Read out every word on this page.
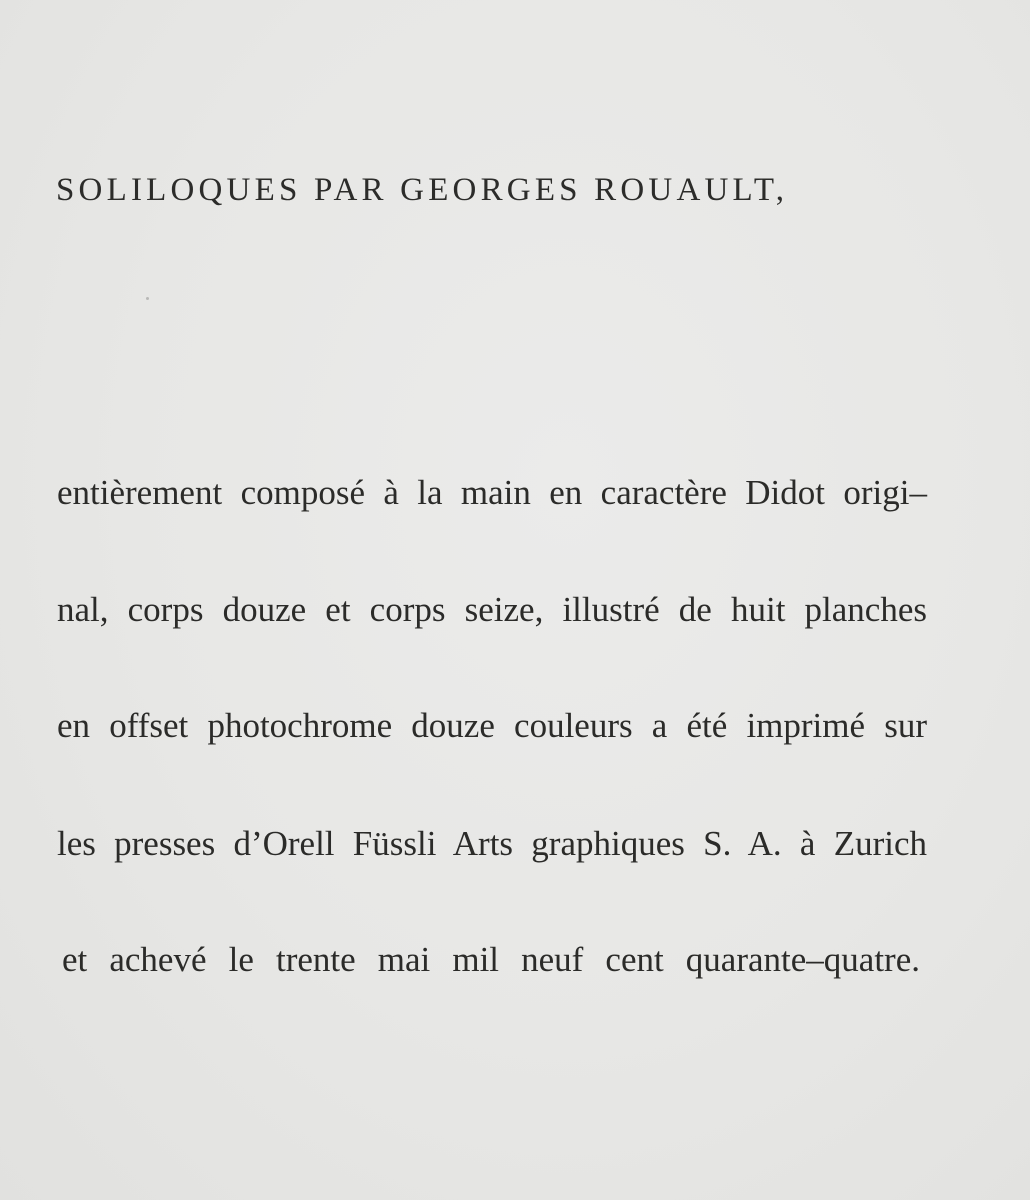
SOLILOQUES PAR GEORGES ROUAULT,
entièrement composé à la main en caractère Didot origi–
nal, corps douze et corps seize, illustré de huit planches
en offset photochrome douze couleurs a été imprimé sur
les presses d’Orell Füssli Arts graphiques S. A. à Zurich
et achevé le trente mai mil neuf cent quarante–quatre.
